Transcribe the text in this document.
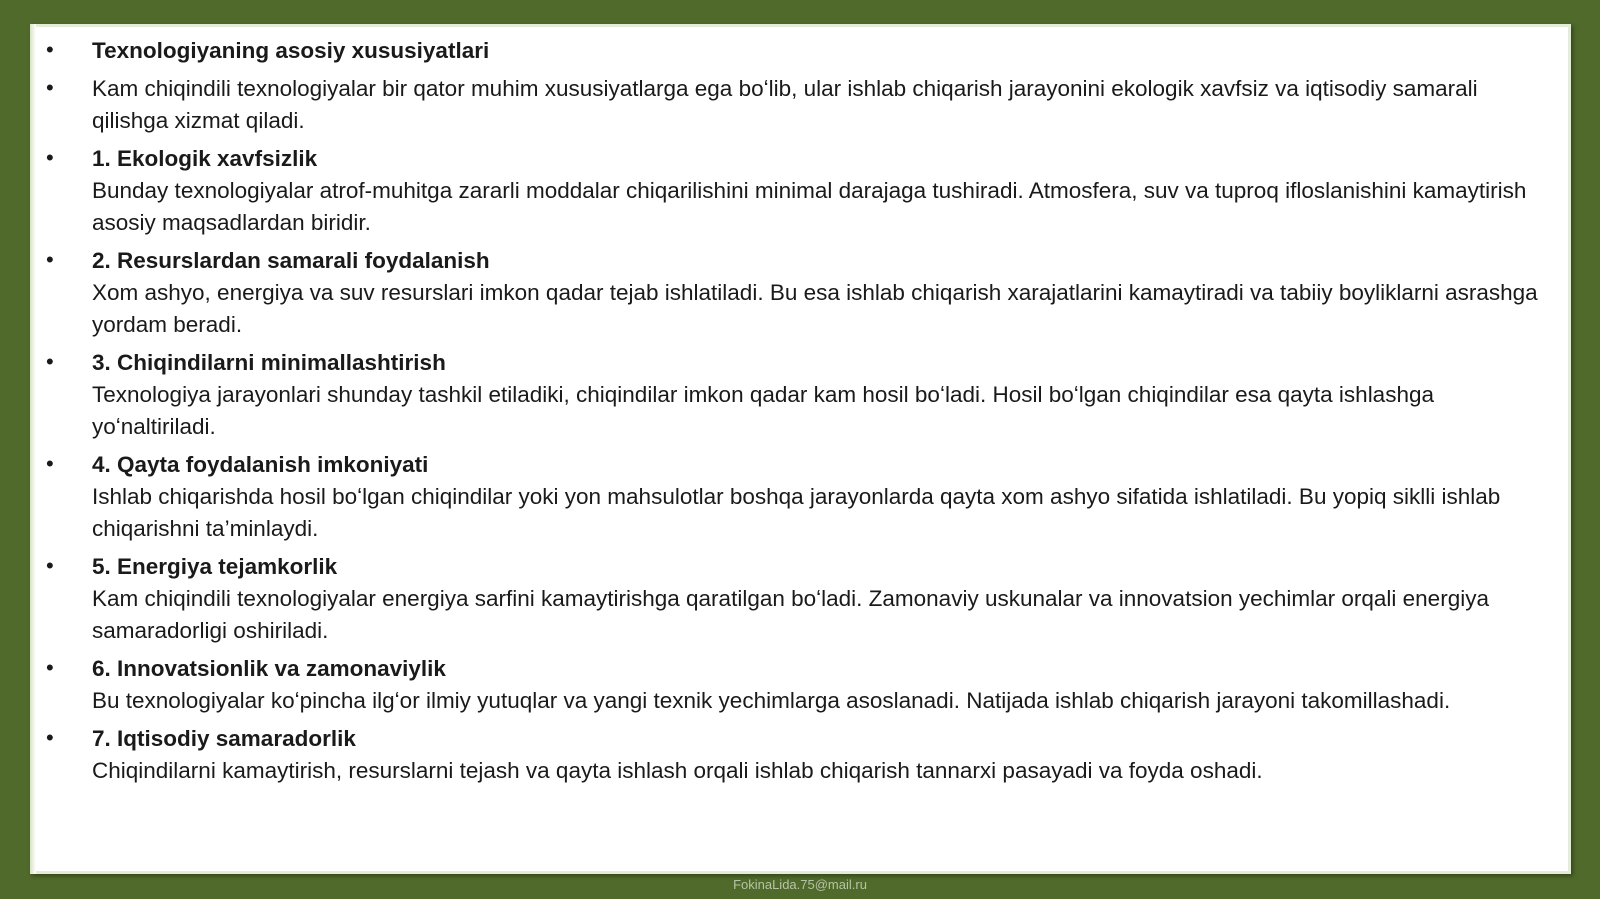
• Texnologiyaning asosiy xususiyatlari
• Kam chiqindili texnologiyalar bir qator muhim xususiyatlarga ega boʻlib, ular ishlab chiqarish jarayonini ekologik xavfsiz va iqtisodiy samarali qilishga xizmat qiladi.
• 1. Ekologik xavfsizlik
Bunday texnologiyalar atrof-muhitga zararli moddalar chiqarilishini minimal darajaga tushiradi. Atmosfera, suv va tuproq ifloslanishini kamaytirish asosiy maqsadlardan biridir.
• 2. Resurslardan samarali foydalanish
Xom ashyo, energiya va suv resurslari imkon qadar tejab ishlatiladi. Bu esa ishlab chiqarish xarajatlarini kamaytiradi va tabiiy boyliklarni asrashga yordam beradi.
• 3. Chiqindilarni minimallashtirish
Texnologiya jarayonlari shunday tashkil etiladiki, chiqindilar imkon qadar kam hosil boʻladi. Hosil boʻlgan chiqindilar esa qayta ishlashga yoʻnaltiriladi.
• 4. Qayta foydalanish imkoniyati
Ishlab chiqarishda hosil boʻlgan chiqindilar yoki yon mahsulotlar boshqa jarayonlarda qayta xom ashyo sifatida ishlatiladi. Bu yopiq siklli ishlab chiqarishni ta’minlaydi.
• 5. Energiya tejamkorlik
Kam chiqindili texnologiyalar energiya sarfini kamaytirishga qaratilgan boʻladi. Zamonaviy uskunalar va innovatsion yechimlar orqali energiya samaradorligi oshiriladi.
• 6. Innovatsionlik va zamonaviylik
Bu texnologiyalar koʻpincha ilgʻor ilmiy yutuqlar va yangi texnik yechimlarga asoslanadi. Natijada ishlab chiqarish jarayoni takomillashadi.
• 7. Iqtisodiy samaradorlik
Chiqindilarni kamaytirish, resurslarni tejash va qayta ishlash orqali ishlab chiqarish tannarxi pasayadi va foyda oshadi.
FokinaLida.75@mail.ru
